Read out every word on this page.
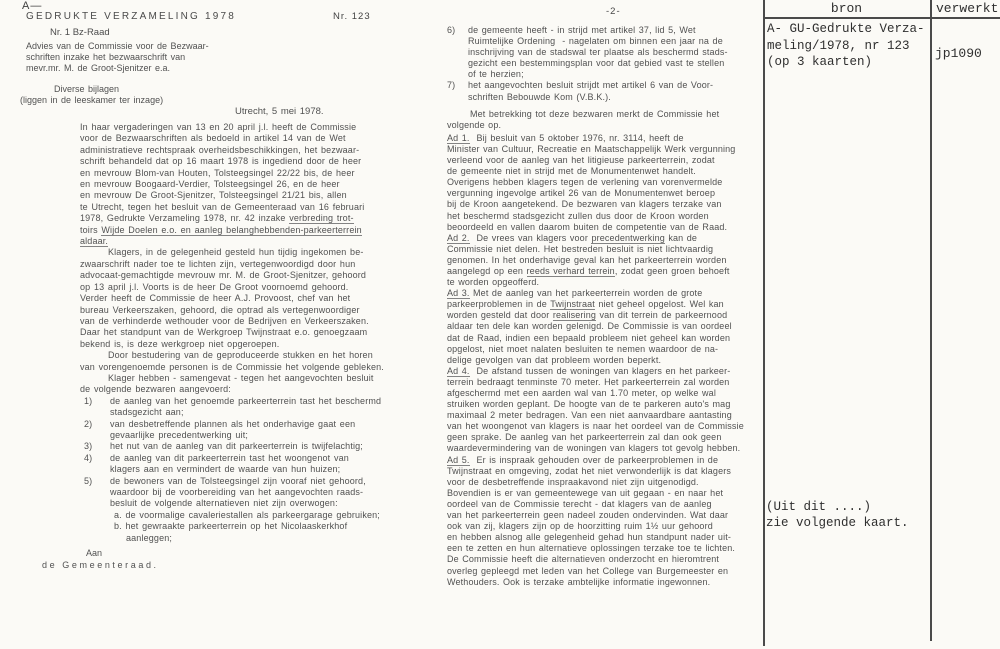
A—
GEDRUKTE VERZAMELING 1978	Nr. 123
Nr. 1 Bz-Raad
Advies van de Commissie voor de Bezwaar-
schriften inzake het bezwaarschrift van
mevr.mr. M. de Groot-Sjenitzer e.a.
Diverse bijlagen
(liggen in de leeskamer ter inzage)
Utrecht, 5 mei 1978.
In haar vergaderingen van 13 en 20 april j.l. heeft de Commissie
voor de Bezwaarschriften als bedoeld in artikel 14 van de Wet
administratieve rechtspraak overheidsbeschikkingen, het bezwaar-
schrift behandeld dat op 16 maart 1978 is ingediend door de heer
en mevrouw Blom-van Houten, Tolsteegsingel 22/22 bis, de heer
en mevrouw Boogaard-Verdier, Tolsteegsingel 26, en de heer
en mevrouw De Groot-Sjenitzer, Tolsteegsingel 21/21 bis, allen
te Utrecht, tegen het besluit van de Gemeenteraad van 16 februari
1978, Gedrukte Verzameling 1978, nr. 42 inzake verbreding trot-
toirs Wijde Doelen e.o. en aanleg belanghebbenden-parkeerterrein
aldaar.
Klagers, in de gelegenheid gesteld hun tijdig ingekomen be-
zwaarschrift nader toe te lichten zijn, vertegenwoordigd door hun
advocaat-gemachtigde mevrouw mr. M. de Groot-Sjenitzer, gehoord
op 13 april j.l. Voorts is de heer De Groot voornoemd gehoord.
Verder heeft de Commissie de heer A.J. Provoost, chef van het
bureau Verkeerszaken, gehoord, die optrad als vertegenwoordiger
van de verhinderde wethouder voor de Bedrijven en Verkeerszaken.
Daar het standpunt van de Werkgroep Twijnstraat e.o. genoegzaam
bekend is, is deze werkgroep niet opgeroepen.
Door bestudering van de geproduceerde stukken en het horen
van vorengenoemde personen is de Commissie het volgende gebleken.
Klager hebben - samengevat - tegen het aangevochten besluit
de volgende bezwaren aangevoerd:
1) de aanleg van het genoemde parkeerterrein tast het beschermd
stadsgezicht aan;
2) van desbetreffende plannen als het onderhavige gaat een
gevaarlijke precedentwerking uit;
3) het nut van de aanleg van dit parkeerterrein is twijfelachtig;
4) de aanleg van dit parkeerterrein tast het woongenot van
klagers aan en vermindert de waarde van hun huizen;
5) de bewoners van de Tolsteegsingel zijn vooraf niet gehoord,
waardoor bij de voorbereiding van het aangevochten raads-
besluit de volgende alternatieven niet zijn overwogen:
a. de voormalige cavaleriestallen als parkeergarage gebruiken;
b. het gewraakte parkeerterrein op het Nicolaaskerkhof
aanleggen;
Aan
de Gemeenteraad.
-2-
6) de gemeente heeft - in strijd met artikel 37, lid 5, Wet
Ruimtelijke Ordening  - nagelaten om binnen een jaar na de
inschrijving van de stadswal ter plaatse als beschermd stads-
gezicht een bestemmingsplan voor dat gebied vast te stellen
of te herzien;
7) het aangevochten besluit strijdt met artikel 6 van de Voor-
schriften Bebouwde Kom (V.B.K.).
Met betrekking tot deze bezwaren merkt de Commissie het
volgende op.
Ad 1.  Bij besluit van 5 oktober 1976, nr. 3114, heeft de
Minister van Cultuur, Recreatie en Maatschappelijk Werk vergunning
verleend voor de aanleg van het litigieuse parkeerterrein, zodat
de gemeente niet in strijd met de Monumentenwet handelt.
Overigens hebben klagers tegen de verlening van vorenvermelde
vergunning ingevolge artikel 26 van de Monumentenwet beroep
bij de Kroon aangetekend. De bezwaren van klagers terzake van
het beschermd stadsgezicht zullen dus door de Kroon worden
beoordeeld en vallen daarom buiten de competentie van de Raad.
Ad 2.  De vrees van klagers voor precedentwerking kan de
Commissie niet delen. Het bestreden besluit is niet lichtvaardig
genomen. In het onderhavige geval kan het parkeerterrein worden
aangelegd op een reeds verhard terrein, zodat geen groen behoeft
te worden opgeofferd.
Ad 3. Met de aanleg van het parkeerterrein worden de grote
parkeerproblemen in de Twijnstraat niet geheel opgelost. Wel kan
worden gesteld dat door realisering van dit terrein de parkeernood
aldaar ten dele kan worden gelenigd. De Commissie is van oordeel
dat de Raad, indien een bepaald probleem niet geheel kan worden
opgelost, niet moet nalaten besluiten te nemen waardoor de na-
delige gevolgen van dat probleem worden beperkt.
Ad 4.  De afstand tussen de woningen van klagers en het parkeer-
terrein bedraagt tenminste 70 meter. Het parkeerterrein zal worden
afgeschermd met een aarden wal van 1.70 meter, op welke wal
struiken worden geplant. De hoogte van de te parkeren auto's mag
maximaal 2 meter bedragen. Van een niet aanvaardbare aantasting
van het woongenot van klagers is naar het oordeel van de Commissie
geen sprake. De aanleg van het parkeerterrein zal dan ook geen
waardevermindering van de woningen van klagers tot gevolg hebben.
Ad 5.  Er is inspraak gehouden over de parkeerproblemen in de
Twijnstraat en omgeving, zodat het niet verwonderlijk is dat klagers
voor de desbetreffende inspraakavond niet zijn uitgenodigd.
Bovendien is er van gemeentewege van uit gegaan - en naar het
oordeel van de Commissie terecht - dat klagers van de aanleg
van het parkeerterrein geen nadeel zouden ondervinden. Wat daar
ook van zij, klagers zijn op de hoorzitting ruim 1½ uur gehoord
en hebben alsnog alle gelegenheid gehad hun standpunt nader uit-
een te zetten en hun alternatieve oplossingen terzake toe te lichten.
De Commissie heeft die alternatieven onderzocht en hieromtrent
overleg gepleegd met leden van het College van Burgemeester en
Wethouders. Ook is terzake ambtelijke informatie ingewonnen.
bron	verwerkt
A- GU-Gedrukte Verza-
meling/1978, nr 123
(op 3 kaarten)
jp1090
(Uit dit ....)
zie volgende kaart.
